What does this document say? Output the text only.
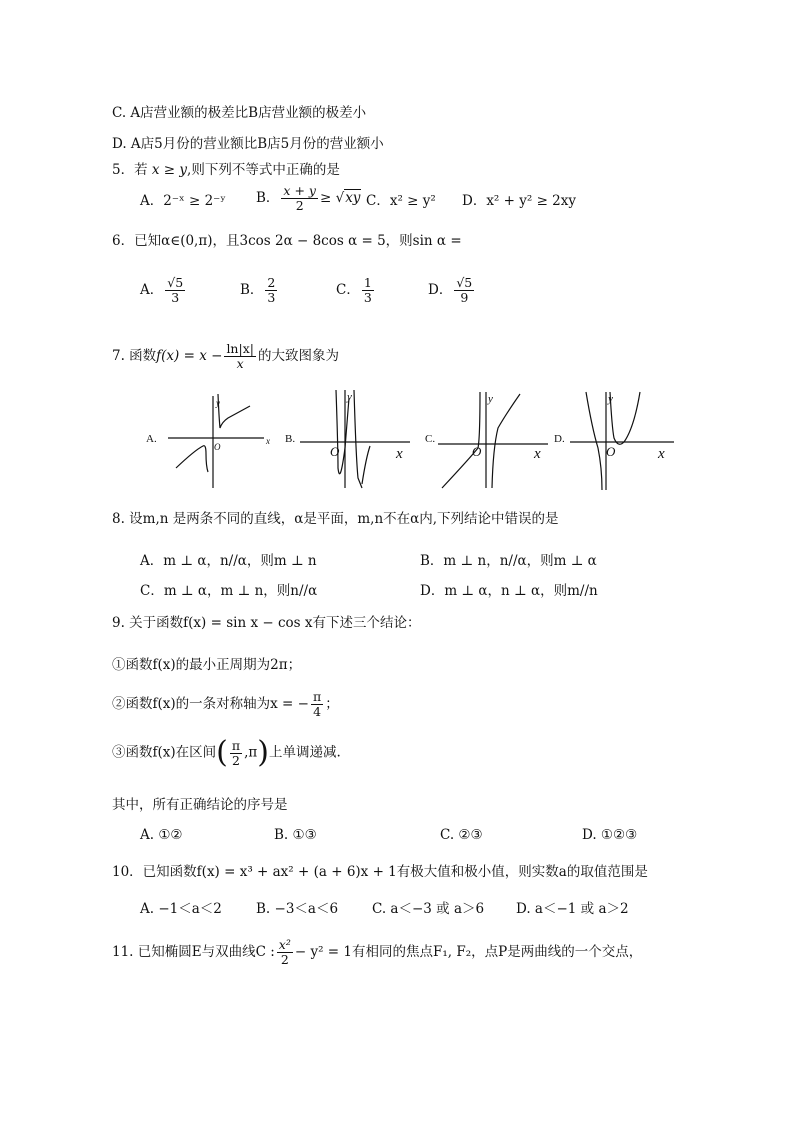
C. A店营业额的极差比B店营业额的极差小
D. A店5月份的营业额比B店5月份的营业额小
5．若 x ≥ y,则下列不等式中正确的是
A．2⁻ˣ ≥ 2⁻ʸ B． $\frac{x + y}{2} \ge √xy$ C．x² ≥ y² D．x² + y² ≥ 2xy
6．已知α∈(0,π)，且3cos 2α − 8cos α = 5，则sin α =
A． $\frac{√5}{3}$	B． $\frac{2}{3}$	C． $\frac{1}{3}$	D． $\frac{√5}{9}$
7. 函数$f(x) = x - \frac{\ln|x|}{x}$ 的大致图象为
A.
y
x
O
B.
y
x
O
C.
y
x
O
D.
y
x
O
8. 设m,n 是两条不同的直线，α是平面，m,n不在α内,下列结论中错误的是
A．m ⊥ α，n//α，则m ⊥ n	B．m ⊥ n，n//α，则m ⊥ α
C．m ⊥ α，m ⊥ n，则n//α	D．m ⊥ α，n ⊥ α，则m//n
9. 关于函数f(x) = sin x − cos x有下述三个结论：
①函数f(x)的最小正周期为2π；
②函数f(x)的一条对称轴为x = − $\frac{\pi}{4}$ ；
③函数f(x)在区间( $\frac{\pi}{2} ,\pi$)上单调递减.
其中，所有正确结论的序号是
A. ①②	B. ①③	C. ②③	D. ①②③
10．已知函数f(x) = x³ + ax² + (a + 6)x + 1有极大值和极小值，则实数a的取值范围是
A. −1＜a＜2	B. −3＜a＜6	C. a＜−3 或 a＞6 D. a＜−1 或 a＞2
11. 已知椭圆E与双曲线C : $\frac{\text{x²}}{2} - y^2 = 1$有相同的焦点F₁, F₂，点P是两曲线的一个交点，
